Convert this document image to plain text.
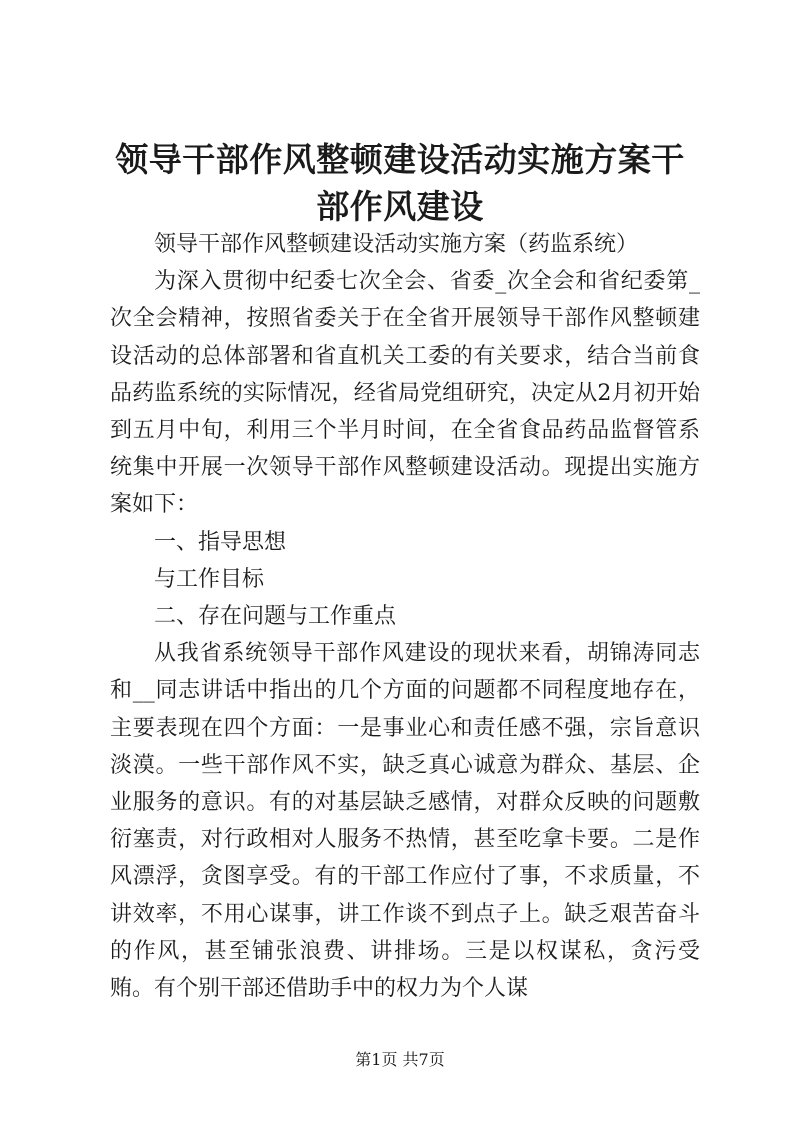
领导干部作风整顿建设活动实施方案干部作风建设

领导干部作风整顿建设活动实施方案（药监系统）

为深入贯彻中纪委七次全会、省委_次全会和省纪委第_次全会精神，按照省委关于在全省开展领导干部作风整顿建设活动的总体部署和省直机关工委的有关要求，结合当前食品药监系统的实际情况，经省局党组研究，决定从2月初开始到五月中旬，利用三个半月时间，在全省食品药品监督管系统集中开展一次领导干部作风整顿建设活动。现提出实施方案如下：

一、指导思想

与工作目标

二、存在问题与工作重点

从我省系统领导干部作风建设的现状来看，胡锦涛同志和__同志讲话中指出的几个方面的问题都不同程度地存在，主要表现在四个方面：一是事业心和责任感不强，宗旨意识淡漠。一些干部作风不实，缺乏真心诚意为群众、基层、企业服务的意识。有的对基层缺乏感情，对群众反映的问题敷衍塞责，对行政相对人服务不热情，甚至吃拿卡要。二是作风漂浮，贪图享受。有的干部工作应付了事，不求质量，不讲效率，不用心谋事，讲工作谈不到点子上。缺乏艰苦奋斗的作风，甚至铺张浪费、讲排场。三是以权谋私，贪污受贿。有个别干部还借助手中的权力为个人谋

第1页 共7页
